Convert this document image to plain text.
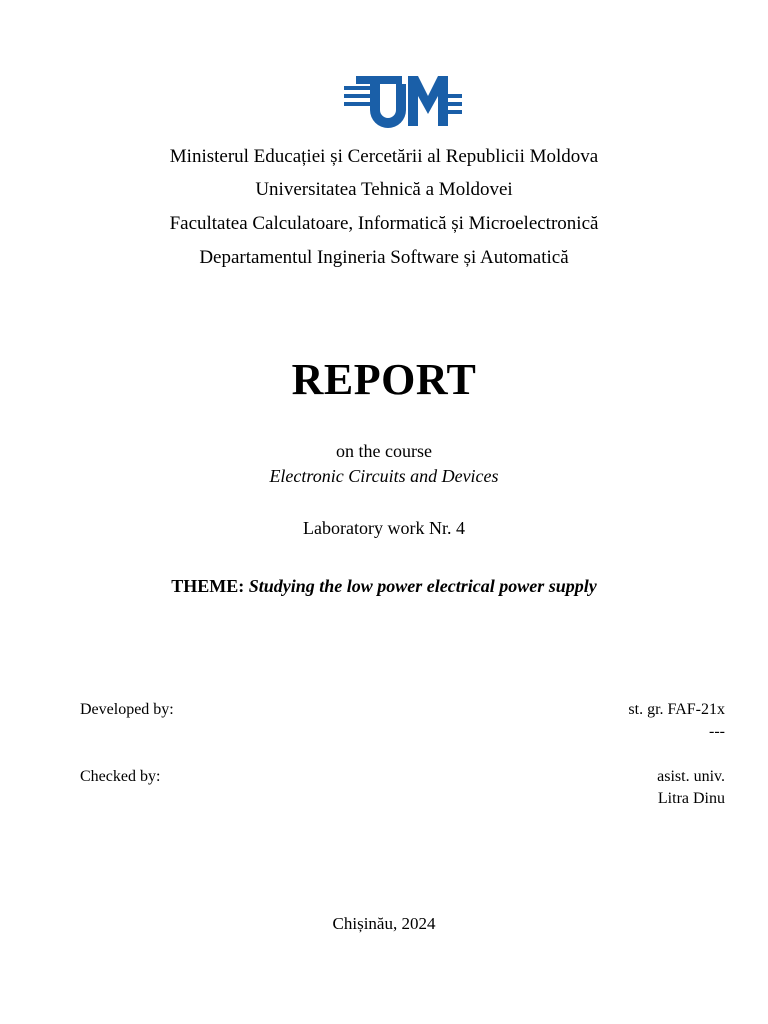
Ministerul Educației și Cercetării al Republicii Moldova
Universitatea Tehnică a Moldovei
Facultatea Calculatoare, Informatică și Microelectronică
Departamentul Ingineria Software și Automatică
REPORT
on the course
Electronic Circuits and Devices
Laboratory work Nr. 4
THEME: Studying the low power electrical power supply
Developed by:	st. gr. FAF-21x
---
Checked by:	asist. univ.
Litra Dinu
Chișinău, 2024
